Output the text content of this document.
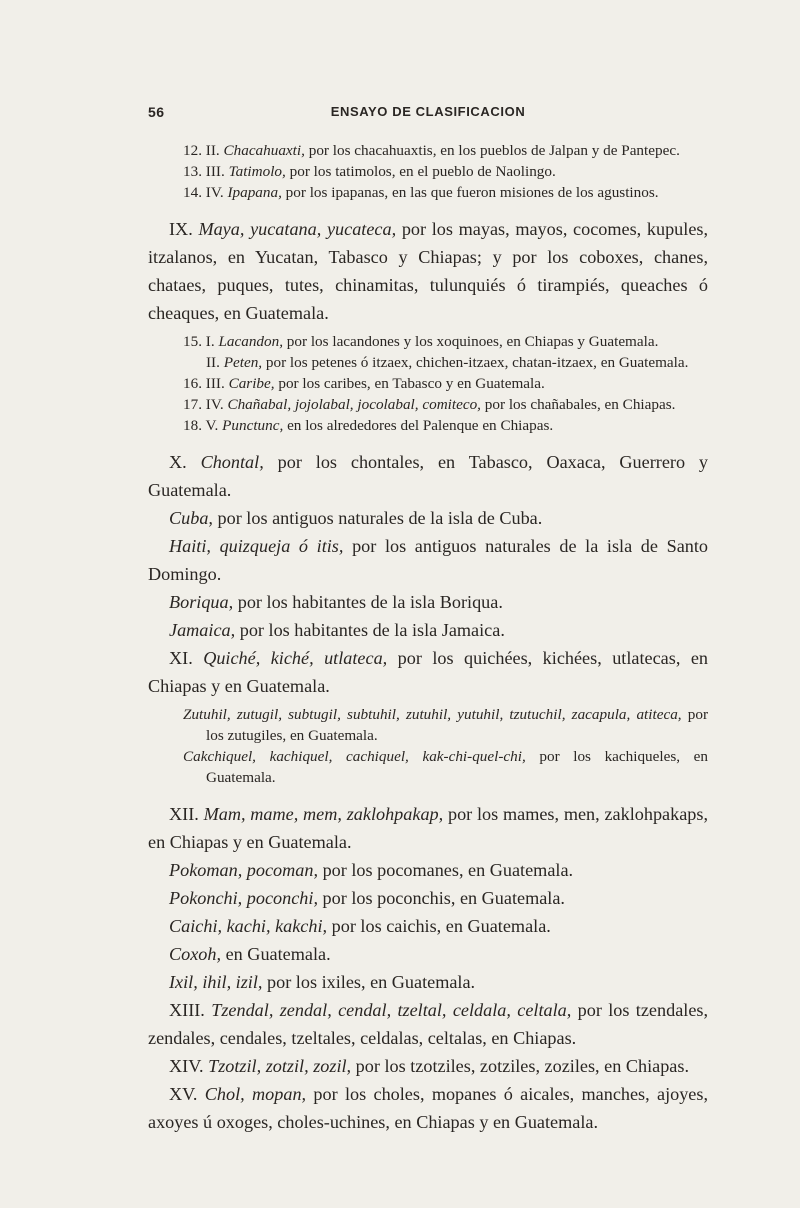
56	ENSAYO DE CLASIFICACION

12. II. Chacahuaxti, por los chacahuaxtis, en los pueblos de Jalpan y de Pantepec.

13. III. Tatimolo, por los tatimolos, en el pueblo de Naolingo.

14. IV. Ipapana, por los ipapanas, en las que fueron misiones de los agustinos.

IX. Maya, yucatana, yucateca, por los mayas, mayos, cocomes, kupules, itzalanos, en Yucatan, Tabasco y Chiapas; y por los coboxes, chanes, chataes, puques, tutes, chinamitas, tulunquiés ó tirampiés, queaches ó cheaques, en Guatemala.

15. I. Lacandon, por los lacandones y los xoquinoes, en Chiapas y Guatemala.

II. Peten, por los petenes ó itzaex, chichen-itzaex, chatan-itzaex, en Guatemala.

16. III. Caribe, por los caribes, en Tabasco y en Guatemala.

17. IV. Chañabal, jojolabal, jocolabal, comiteco, por los chañabales, en Chiapas.

18. V. Punctunc, en los alrededores del Palenque en Chiapas.

X. Chontal, por los chontales, en Tabasco, Oaxaca, Guerrero y Guatemala.

Cuba, por los antiguos naturales de la isla de Cuba.

Haiti, quizqueja ó itis, por los antiguos naturales de la isla de Santo Domingo.

Boriqua, por los habitantes de la isla Boriqua.

Jamaica, por los habitantes de la isla Jamaica.

XI. Quiché, kiché, utlateca, por los quichées, kichées, utlatecas, en Chiapas y en Guatemala.

Zutuhil, zutugil, subtugil, subtuhil, zutuhil, yutuhil, tzutuchil, zacapula, atiteca, por los zutugiles, en Guatemala.

Cakchiquel, kachiquel, cachiquel, kak-chi-quel-chi, por los kachiqueles, en Guatemala.

XII. Mam, mame, mem, zaklohpakap, por los mames, men, zaklohpakaps, en Chiapas y en Guatemala.

Pokoman, pocoman, por los pocomanes, en Guatemala.

Pokonchi, poconchi, por los poconchis, en Guatemala.

Caichi, kachi, kakchi, por los caichis, en Guatemala.

Coxoh, en Guatemala.

Ixil, ihil, izil, por los ixiles, en Guatemala.

XIII. Tzendal, zendal, cendal, tzeltal, celdala, celtala, por los tzendales, zendales, cendales, tzeltales, celdalas, celtalas, en Chiapas.

XIV. Tzotzil, zotzil, zozil, por los tzotziles, zotziles, zoziles, en Chiapas.

XV. Chol, mopan, por los choles, mopanes ó aicales, manches, ajoyes, axoyes ú oxoges, choles-uchines, en Chiapas y en Guatemala.
